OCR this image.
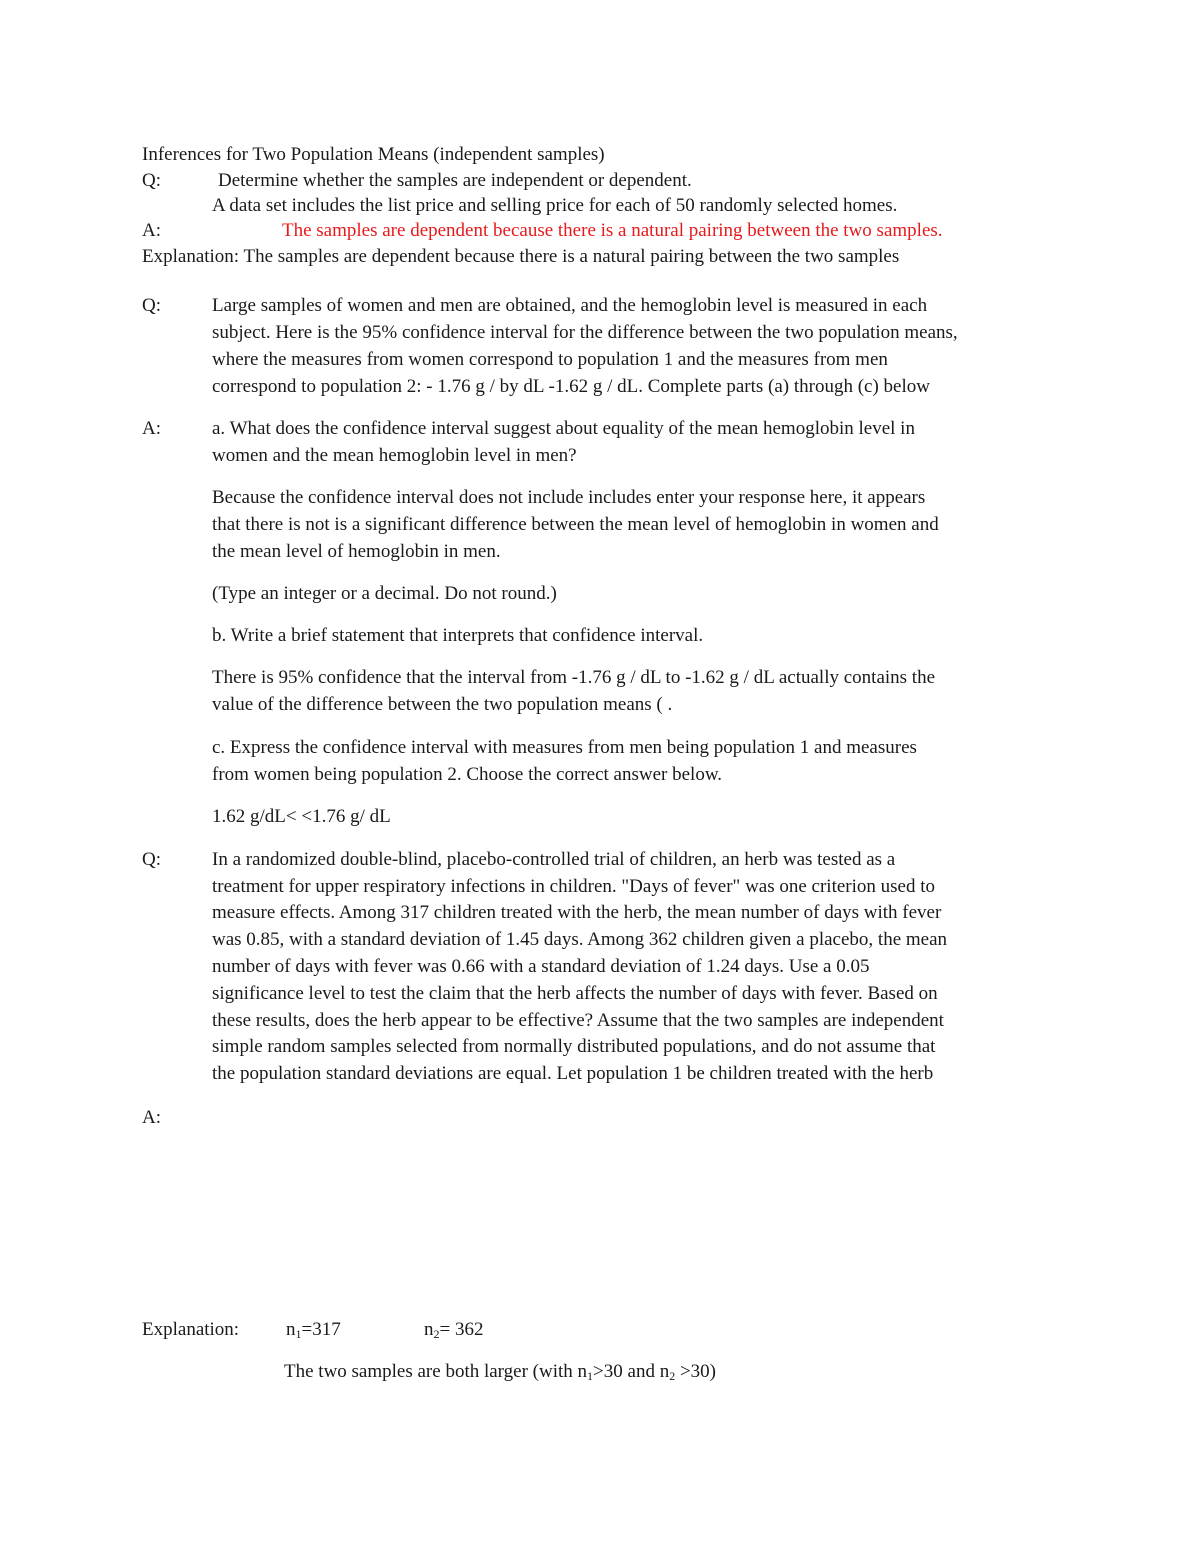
Inferences for Two Population Means (independent samples)
Q:	Determine whether the samples are independent or dependent.
A data set includes the list price and selling price for each of 50 randomly selected homes.
A:	The samples are dependent because there is a natural pairing between the two samples.
Explanation: The samples are dependent because there is a natural pairing between the two samples
Q:	Large samples of women and men are obtained, and the hemoglobin level is measured in each
subject. Here is the 95% confidence interval for the difference between the two population means,
where the measures from women correspond to population 1 and the measures from men
correspond to population 2: - 1.76 g / by dL -1.62 g / dL. Complete parts (a) through (c) below
A:	a. What does the confidence interval suggest about equality of the mean hemoglobin level in
women and the mean hemoglobin level in men?
Because the confidence interval does not include includes enter your response here, it appears
that there is not is a significant difference between the mean level of hemoglobin in women and
the mean level of hemoglobin in men.
(Type an integer or a decimal. Do not round.)
b. Write a brief statement that interprets that confidence interval.
There is 95% confidence that the interval from -1.76 g / dL to -1.62 g / dL actually contains the
value of the difference between the two population means ( .
c. Express the confidence interval with measures from men being population 1 and measures
from women being population 2. Choose the correct answer below.
1.62 g/dL< <1.76 g/ dL
Q:	In a randomized double-blind, placebo-controlled trial of children, an herb was tested as a
treatment for upper respiratory infections in children. "Days of fever" was one criterion used to
measure effects. Among 317 children treated with the herb, the mean number of days with fever
was 0.85, with a standard deviation of 1.45 days. Among 362 children given a placebo, the mean
number of days with fever was 0.66 with a standard deviation of 1.24 days. Use a 0.05
significance level to test the claim that the herb affects the number of days with fever. Based on
these results, does the herb appear to be effective? Assume that the two samples are independent
simple random samples selected from normally distributed populations, and do not assume that
the population standard deviations are equal. Let population 1 be children treated with the herb
A:
Explanation: $n_1=317$	$n_2= 362$
The two samples are both larger (with $n_1>30$ and $n_2 >30$)
